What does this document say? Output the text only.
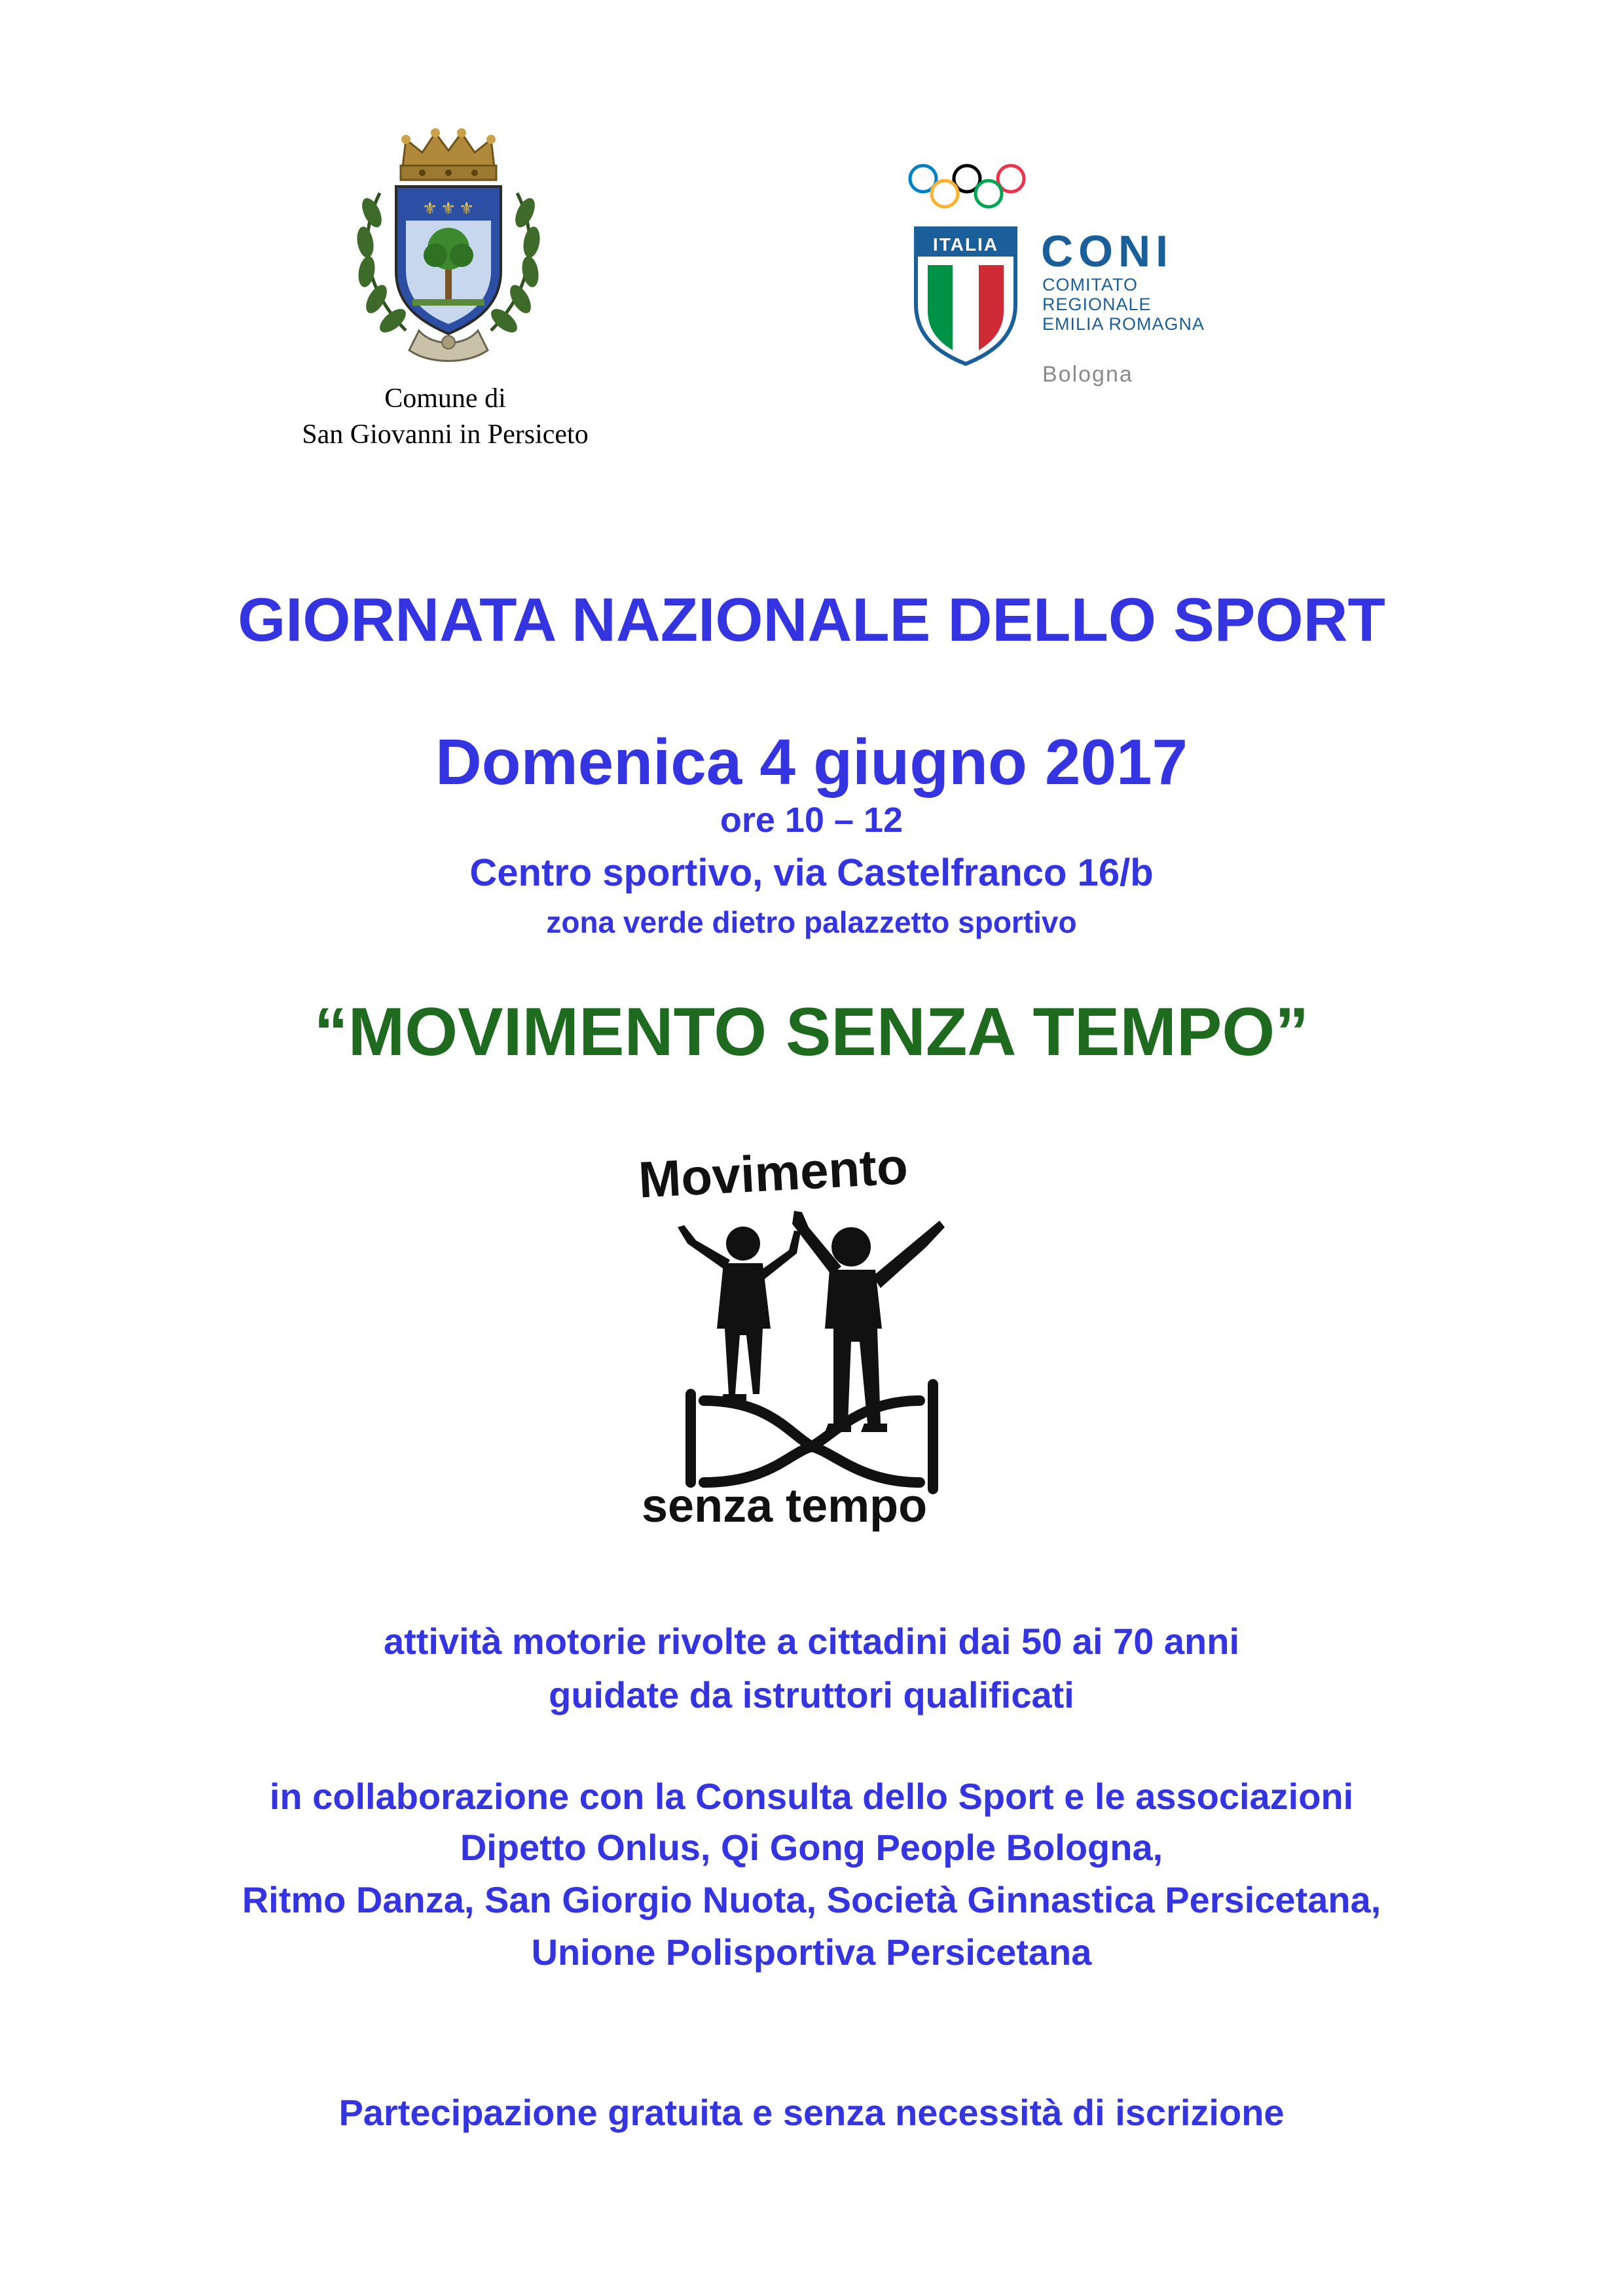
⚜ ⚜ ⚜
Comune di
San Giovanni in Persiceto
ITALIA CONI
COMITATO
REGIONALE
EMILIA ROMAGNA
Bologna
GIORNATA NAZIONALE DELLO SPORT
Domenica 4 giugno 2017
ore 10 – 12
Centro sportivo, via Castelfranco 16/b
zona verde dietro palazzetto sportivo
“MOVIMENTO SENZA TEMPO”
Movimento
senza tempo
attività motorie rivolte a cittadini dai 50 ai 70 anni
guidate da istruttori qualificati
in collaborazione con la Consulta dello Sport e le associazioni
Dipetto Onlus, Qi Gong People Bologna,
Ritmo Danza, San Giorgio Nuota, Società Ginnastica Persicetana,
Unione Polisportiva Persicetana
Partecipazione gratuita e senza necessità di iscrizione
